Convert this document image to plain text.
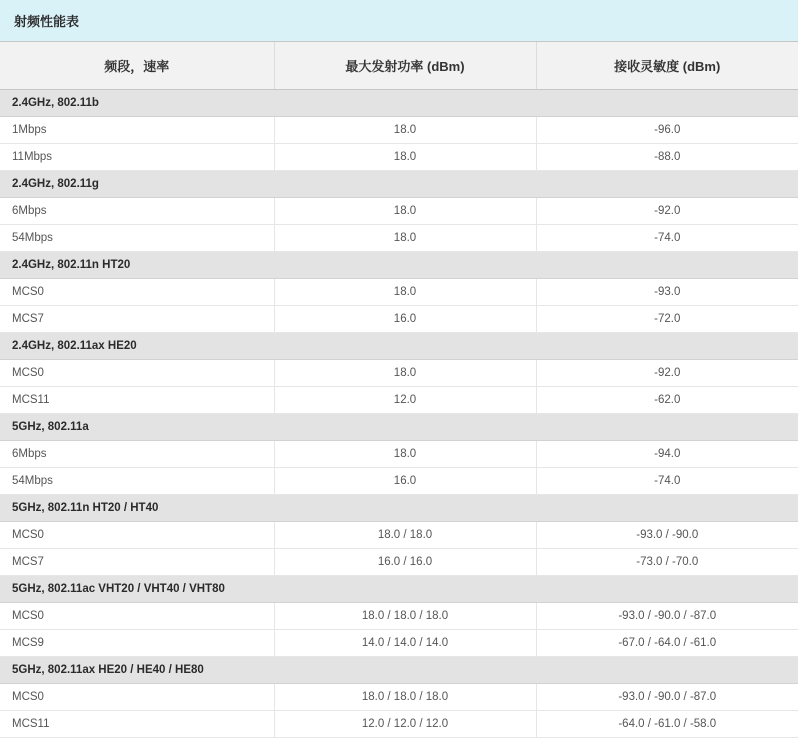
射频性能表
频段，速率	最大发射功率 (dBm)	接收灵敏度 (dBm)
2.4GHz, 802.11b		
1Mbps	18.0	-96.0
11Mbps	18.0	-88.0
2.4GHz, 802.11g		
6Mbps	18.0	-92.0
54Mbps	18.0	-74.0
2.4GHz, 802.11n HT20		
MCS0	18.0	-93.0
MCS7	16.0	-72.0
2.4GHz, 802.11ax HE20		
MCS0	18.0	-92.0
MCS11	12.0	-62.0
5GHz, 802.11a		
6Mbps	18.0	-94.0
54Mbps	16.0	-74.0
5GHz, 802.11n HT20 / HT40		
MCS0	18.0 / 18.0	-93.0 / -90.0
MCS7	16.0 / 16.0	-73.0 / -70.0
5GHz, 802.11ac VHT20 / VHT40 / VHT80		
MCS0	18.0 / 18.0 / 18.0	-93.0 / -90.0 / -87.0
MCS9	14.0 / 14.0 / 14.0	-67.0 / -64.0 / -61.0
5GHz, 802.11ax HE20 / HE40 / HE80		
MCS0	18.0 / 18.0 / 18.0	-93.0 / -90.0 / -87.0
MCS11	12.0 / 12.0 / 12.0	-64.0 / -61.0 / -58.0
